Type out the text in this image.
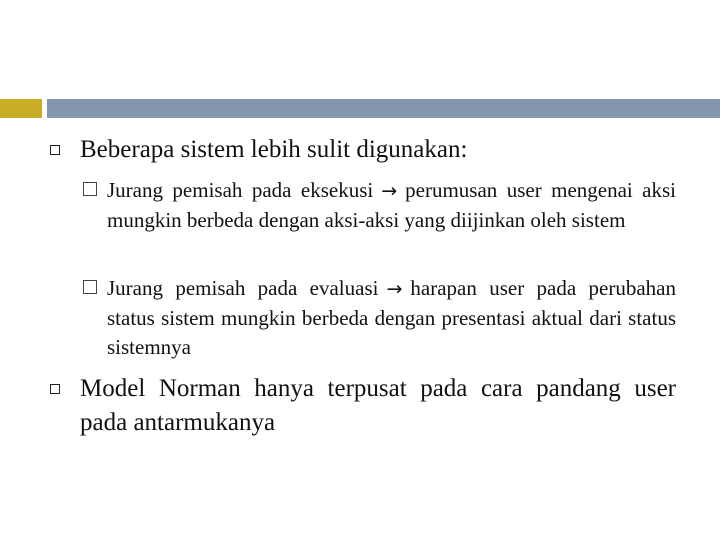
Beberapa sistem lebih sulit digunakan:
Jurang pemisah pada eksekusi → perumusan user mengenai aksi mungkin berbeda dengan aksi-aksi yang diijinkan oleh sistem
Jurang pemisah pada evaluasi → harapan user pada perubahan status sistem mungkin berbeda dengan presentasi aktual dari status sistemnya
Model Norman hanya terpusat pada cara pandang user pada antarmukanya
